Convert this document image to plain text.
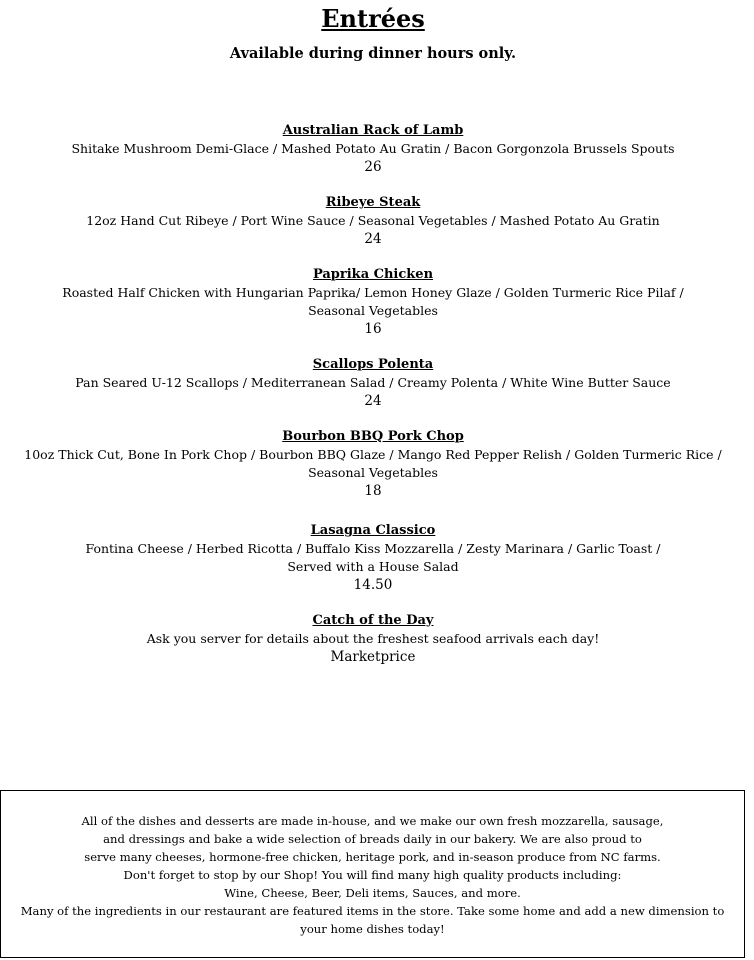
Entrées
Available during dinner hours only.
Australian Rack of Lamb
Shitake Mushroom Demi-Glace / Mashed Potato Au Gratin / Bacon Gorgonzola Brussels Spouts
26
Ribeye Steak
12oz Hand Cut Ribeye / Port Wine Sauce / Seasonal Vegetables / Mashed Potato Au Gratin
24
Paprika Chicken
Roasted Half Chicken with Hungarian Paprika/ Lemon Honey Glaze / Golden Turmeric Rice Pilaf /
Seasonal Vegetables
16
Scallops Polenta
Pan Seared U-12 Scallops / Mediterranean Salad / Creamy Polenta / White Wine Butter Sauce
24
Bourbon BBQ Pork Chop
10oz Thick Cut, Bone In Pork Chop / Bourbon BBQ Glaze / Mango Red Pepper Relish / Golden Turmeric Rice /
Seasonal Vegetables
18
Lasagna Classico
Fontina Cheese / Herbed Ricotta / Buffalo Kiss Mozzarella / Zesty Marinara / Garlic Toast /
Served with a House Salad
14.50
Catch of the Day
Ask you server for details about the freshest seafood arrivals each day!
Marketprice
All of the dishes and desserts are made in-house, and we make our own fresh mozzarella, sausage,
and dressings and bake a wide selection of breads daily in our bakery. We are also proud to
serve many cheeses, hormone-free chicken, heritage pork, and in-season produce from NC farms.
Don't forget to stop by our Shop! You will find many high quality products including:
Wine, Cheese, Beer, Deli items, Sauces, and more.
Many of the ingredients in our restaurant are featured items in the store. Take some home and add a new dimension to
your home dishes today!
